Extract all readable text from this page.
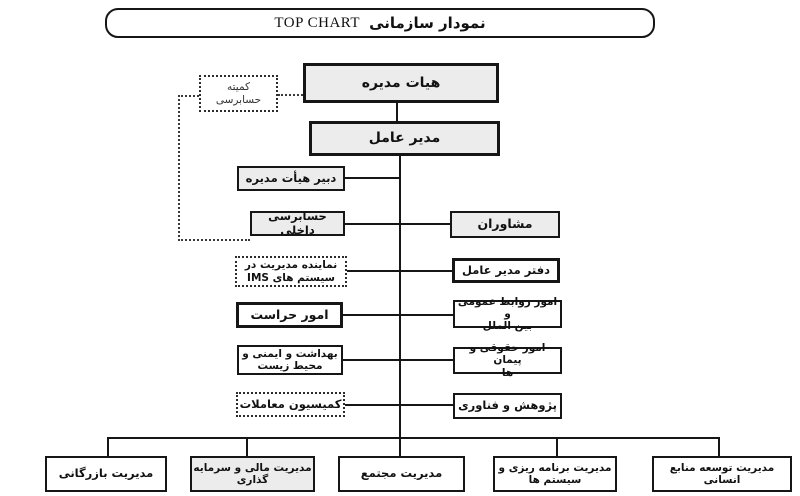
نمودار سازمانی
TOP CHART
هیات مدیره
کمیته
حسابرسی
مدیر عامل
دبیر هیأت مدیره
حسابرسی داخلی
نماینده مدیریت در
سیستم های IMS
امور حراست
بهداشت و ایمنی و
محیط زیست
کمیسیون معاملات
مشاوران
دفتر مدیر عامل
امور روابط عمومی و
بین الملل
امور حقوقی و پیمان
ها
پژوهش و فناوری
مدیریت بازرگانی	مدیریت مالی و سرمایه
گذاری	مدیریت مجتمع	مدیریت برنامه ریزی و
سیستم ها
مدیریت توسعه منابع
انسانی
